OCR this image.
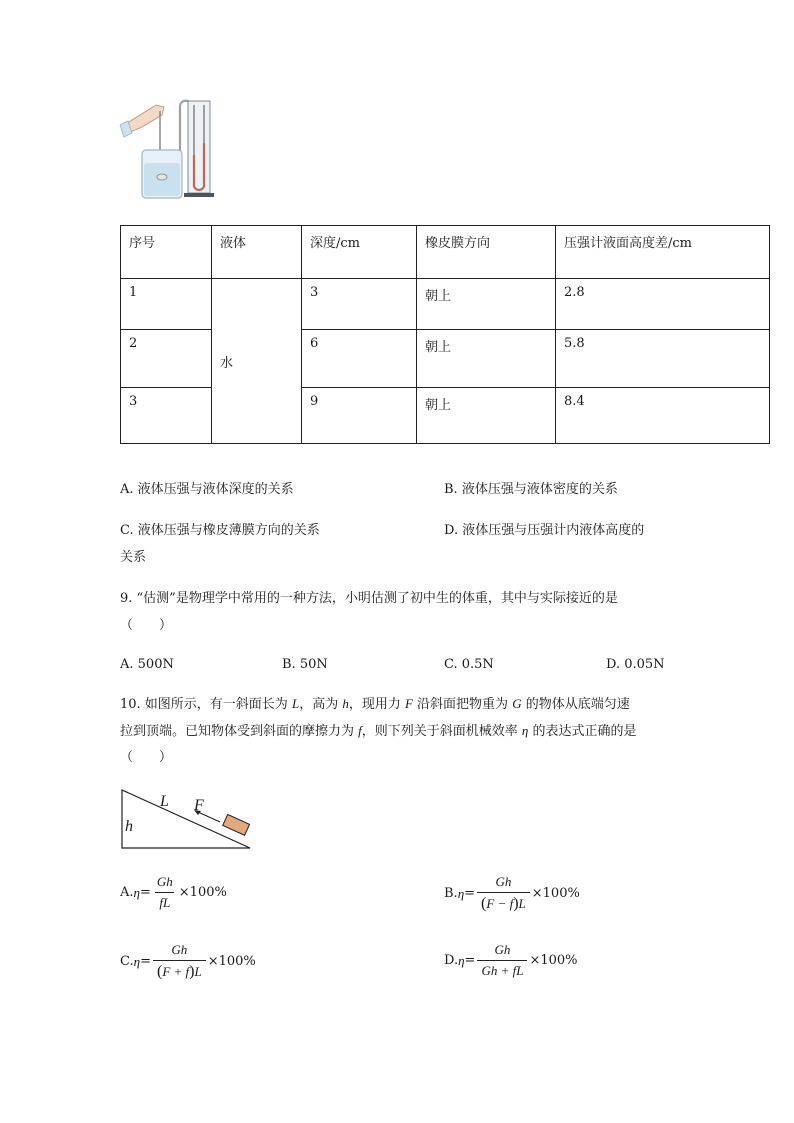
序号	液体	深度/cm	橡皮膜方向	压强计液面高度差/cm
1	水	3	朝上	2.8
2		6	朝上	5.8
3		9	朝上	8.4
A. 液体压强与液体深度的关系	B. 液体压强与液体密度的关系
C. 液体压强与橡皮薄膜方向的关系	D. 液体压强与压强计内液体高度的
关系
9. “估测”是物理学中常用的一种方法，小明估测了初中生的体重，其中与实际接近的是
（　　）
A. 500N	B. 50N	C. 0.5N	D. 0.05N
10. 如图所示，有一斜面长为 L，高为 h，现用力 F 沿斜面把物重为 G 的物体从底端匀速
拉到顶端。已知物体受到斜面的摩擦力为 f，则下列关于斜面机械效率 η 的表达式正确的是
（　　）
L F
h
A. $\eta = \frac{Gh}{fL} \times 100\%$	B. $\eta = \frac{Gh}{(F - f)L} \times 100\%$
C. $\eta = \frac{Gh}{(F + f)L} \times 100\%$	D. $\eta = \frac{Gh}{Gh + fL} \times 100\%$
